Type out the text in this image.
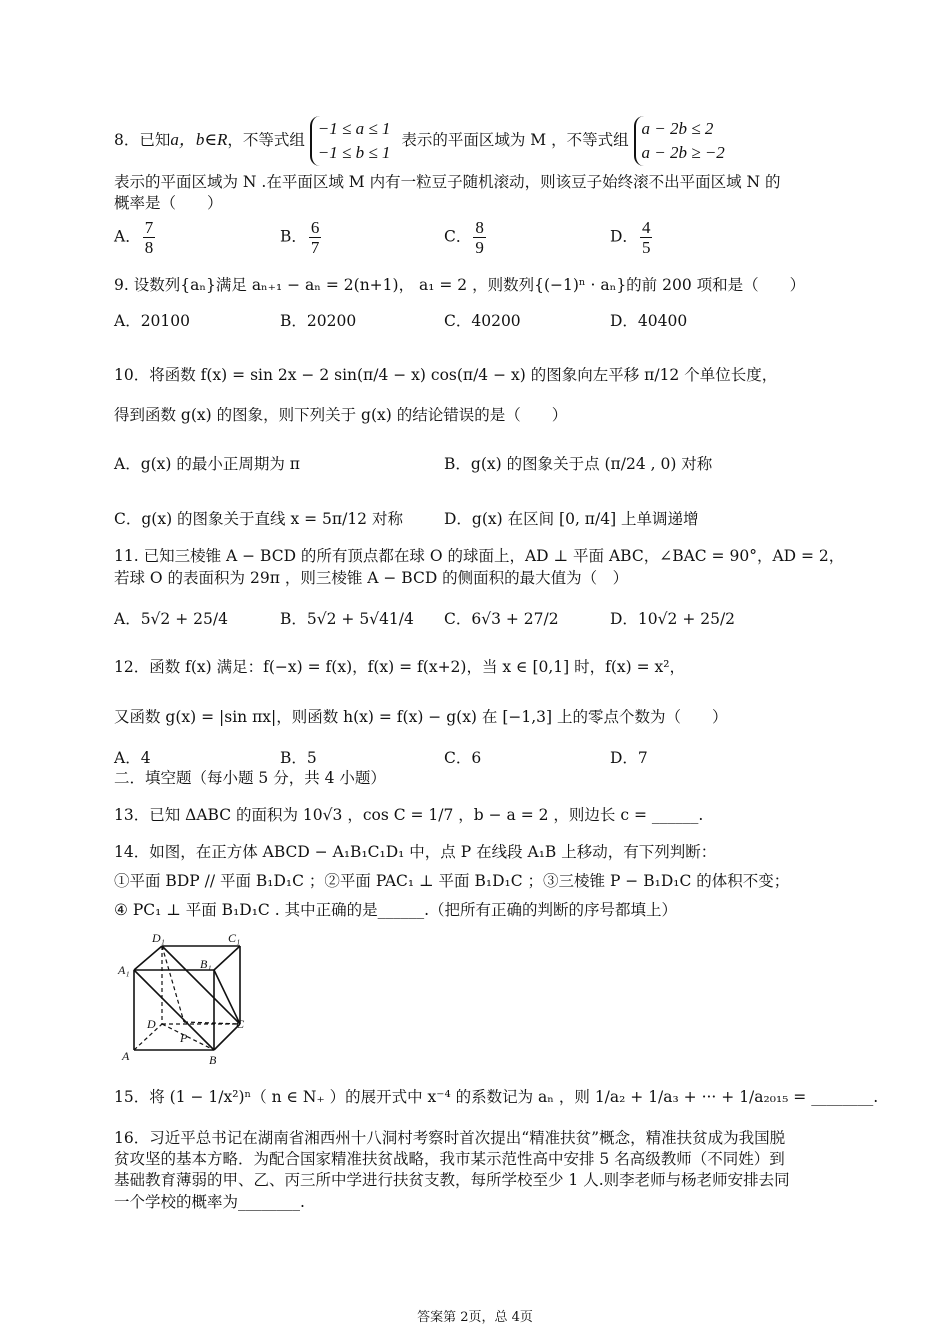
8．已知a，b∈R，不等式组
−1 ≤ a ≤ 1
−1 ≤ b ≤ 1
表示的平面区域为 M ，不等式组
a − 2b ≤ 2
a − 2b ≥ −2
表示的平面区域为 N .在平面区域 M 内有一粒豆子随机滚动，则该豆子始终滚不出平面区域 N 的
概率是（　　）
A． $\frac{7}{8}$	B． $\frac{6}{7}$	C． $\frac{8}{9}$	D． $\frac{4}{5}$
9. 设数列{aₙ}满足 aₙ₊₁ − aₙ = 2(n+1)， a₁ = 2 ，则数列{(−1)ⁿ · aₙ}的前 200 项和是（　　）
A．20100	B．20200	C．40200	D．40400
10．将函数 f(x) = sin 2x − 2 sin(π/4 − x) cos(π/4 − x) 的图象向左平移 π/12 个单位长度，
得到函数 g(x) 的图象，则下列关于 g(x) 的结论错误的是（　　）
A．g(x) 的最小正周期为 π	B．g(x) 的图象关于点 (π/24 , 0) 对称
C．g(x) 的图象关于直线 x = 5π/12 对称	D．g(x) 在区间 [0, π/4] 上单调递增
11. 已知三棱锥 A − BCD 的所有顶点都在球 O 的球面上，AD ⊥ 平面 ABC，∠BAC = 90°，AD = 2，
若球 O 的表面积为 29π ，则三棱锥 A − BCD 的侧面积的最大值为（　）
A．5√2 + 25/4	B．5√2 + 5√41/4 C．6√3 + 27/2	D．10√2 + 25/2
12．函数 f(x) 满足：f(−x) = f(x)，f(x) = f(x+2)，当 x ∈ [0,1] 时，f(x) = x²，
又函数 g(x) = |sin πx|，则函数 h(x) = f(x) − g(x) 在 [−1,3] 上的零点个数为（　　）
A．4	B．5	C．6	D．7
二．填空题（每小题 5 分，共 4 小题）
13．已知 ΔABC 的面积为 10√3 ，cos C = 1/7 ，b − a = 2 ，则边长 c = ______.
14．如图，在正方体 ABCD − A₁B₁C₁D₁ 中，点 P 在线段 A₁B 上移动，有下列判断：
①平面 BDP // 平面 B₁D₁C ；②平面 PAC₁ ⊥ 平面 B₁D₁C ；③三棱锥 P − B₁D₁C 的体积不变；
④ PC₁ ⊥ 平面 B₁D₁C . 其中正确的是______.（把所有正确的判断的序号都填上）
D₁	C₁
A₁	B₁
D	C
P
A	B
15．将 (1 − 1/x²)ⁿ（ n ∈ N₊ ）的展开式中 x⁻⁴ 的系数记为 aₙ ，则 1/a₂ + 1/a₃ + ··· + 1/a₂₀₁₅ = ________.
16．习近平总书记在湖南省湘西州十八洞村考察时首次提出“精准扶贫”概念，精准扶贫成为我国脱
贫攻坚的基本方略．为配合国家精准扶贫战略，我市某示范性高中安排 5 名高级教师（不同姓）到
基础教育薄弱的甲、乙、丙三所中学进行扶贫支教，每所学校至少 1 人.则李老师与杨老师安排去同
一个学校的概率为________.
答案第 2页，总 4页
